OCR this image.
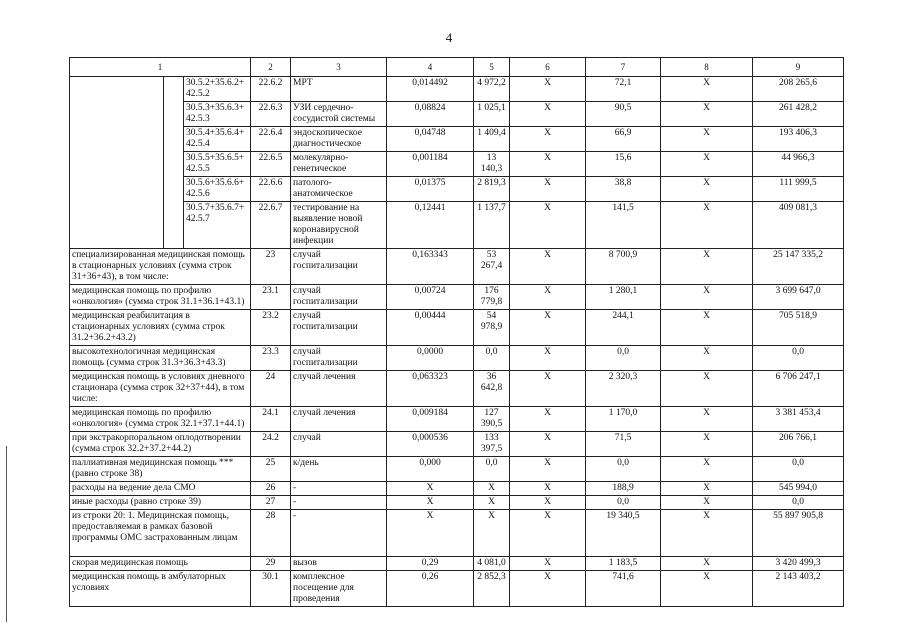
4
1			2	3	4	5	6	7	8	9	
		30.5.2+35.6.2+ 42.5.2	22.6.2	МРТ	0,014492	4 972,2	X	72,1	X	208 265,6	
		30.5.3+35.6.3+ 42.5.3	22.6.3	УЗИ сердечно-сосудистой системы	0,08824	1 025,1	X	90,5	X	261 428,2	
		30.5.4+35.6.4+ 42.5.4	22.6.4	эндоскопическое диагностическое	0,04748	1 409,4	X	66,9	X	193 406,3	
		30.5.5+35.6.5+ 42.5.5	22.6.5	молекулярно-генетическое	0,001184	13 140,3	X	15,6	X	44 966,3	
		30.5.6+35.6.6+ 42.5.6	22.6.6	патолого-анатомическое	0,01375	2 819,3	X	38,8	X	111 999,5	
		30.5.7+35.6.7+ 42.5.7	22.6.7	тестирование на выявление новой коронавирусной инфекции	0,12441	1 137,7	X	141,5	X	409 081,3	
специализированная медицинская помощь в стационарных условиях (сумма строк 31+36+43), в том числе:			23	случай госпитализации	0,163343	53 267,4	X	8 700,9	X	25 147 335,2	
медицинская помощь по профилю «онкология» (сумма строк 31.1+36.1+43.1)			23.1	случай госпитализации	0,00724	176 779,8	X	1 280,1	X	3 699 647,0	
медицинская реабилитация в стационарных условиях (сумма строк 31.2+36.2+43.2)			23.2	случай госпитализации	0,00444	54 978,9	X	244,1	X	705 518,9	
высокотехнологичная медицинская помощь (сумма строк 31.3+36.3+43.3)			23.3	случай госпитализации	0,0000	0,0	X	0,0	X	0,0	
медицинская помощь в условиях дневного стационара (сумма строк 32+37+44), в том числе:			24	случай лечения	0,063323	36 642,8	X	2 320,3	X	6 706 247,1	
медицинская помощь по профилю «онкология» (сумма строк 32.1+37.1+44.1)			24.1	случай лечения	0,009184	127 390,5	X	1 170,0	X	3 381 453,4	
при экстракорпоральном оплодотворении (сумма строк 32.2+37.2+44.2)			24.2	случай	0,000536	133 397,5	X	71,5	X	206 766,1	
паллиативная медицинская помощь *** (равно строке 38)			25	к/день	0,000	0,0	X	0,0	X	0,0	
расходы на ведение дела СМО			26	-	X	X	X	188,9	X	545 994,0	
иные расходы (равно строке 39)			27	-	X	X	X	0,0	X	0,0	
из строки 20: 1. Медицинская помощь, предоставляемая в рамках базовой программы ОМС застрахованным лицам			28	-	X	X	X	19 340,5	X	55 897 905,8	
скорая медицинская помощь			29	вызов	0,29	4 081,0	X	1 183,5	X	3 420 499,3	
медицинская помощь в амбулаторных условиях			30.1	комплексное посещение для проведения	0,26	2 852,3	X	741,6	X	2 143 403,2	
